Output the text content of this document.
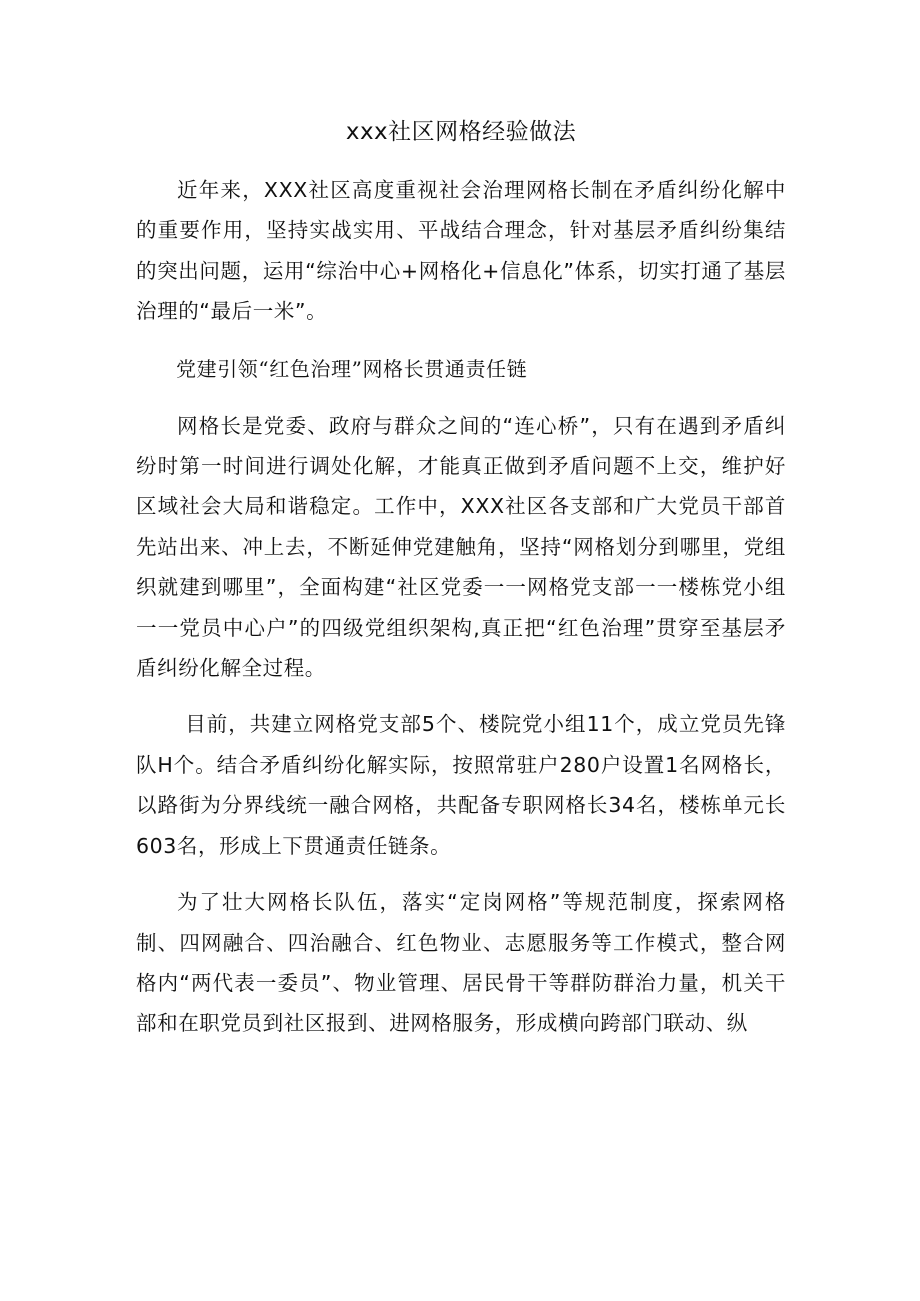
xxx社区网格经验做法

近年来，XXX社区高度重视社会治理网格长制在矛盾纠纷化解中的重要作用，坚持实战实用、平战结合理念，针对基层矛盾纠纷集结的突出问题，运用“综治中心+网格化+信息化”体系，切实打通了基层治理的“最后一米”。

党建引领“红色治理”网格长贯通责任链

网格长是党委、政府与群众之间的“连心桥”，只有在遇到矛盾纠纷时第一时间进行调处化解，才能真正做到矛盾问题不上交，维护好区域社会大局和谐稳定。工作中，XXX社区各支部和广大党员干部首先站出来、冲上去，不断延伸党建触角，坚持“网格划分到哪里，党组织就建到哪里”，全面构建“社区党委一一网格党支部一一楼栋党小组一一党员中心户”的四级党组织架构,真正把“红色治理”贯穿至基层矛盾纠纷化解全过程。

目前，共建立网格党支部5个、楼院党小组11个，成立党员先锋队H个。结合矛盾纠纷化解实际，按照常驻户280户设置1名网格长，以路街为分界线统一融合网格，共配备专职网格长34名，楼栋单元长603名，形成上下贯通责任链条。

为了壮大网格长队伍，落实“定岗网格”等规范制度，探索网格制、四网融合、四治融合、红色物业、志愿服务等工作模式，整合网格内“两代表一委员”、物业管理、居民骨干等群防群治力量，机关干部和在职党员到社区报到、进网格服务，形成横向跨部门联动、纵
